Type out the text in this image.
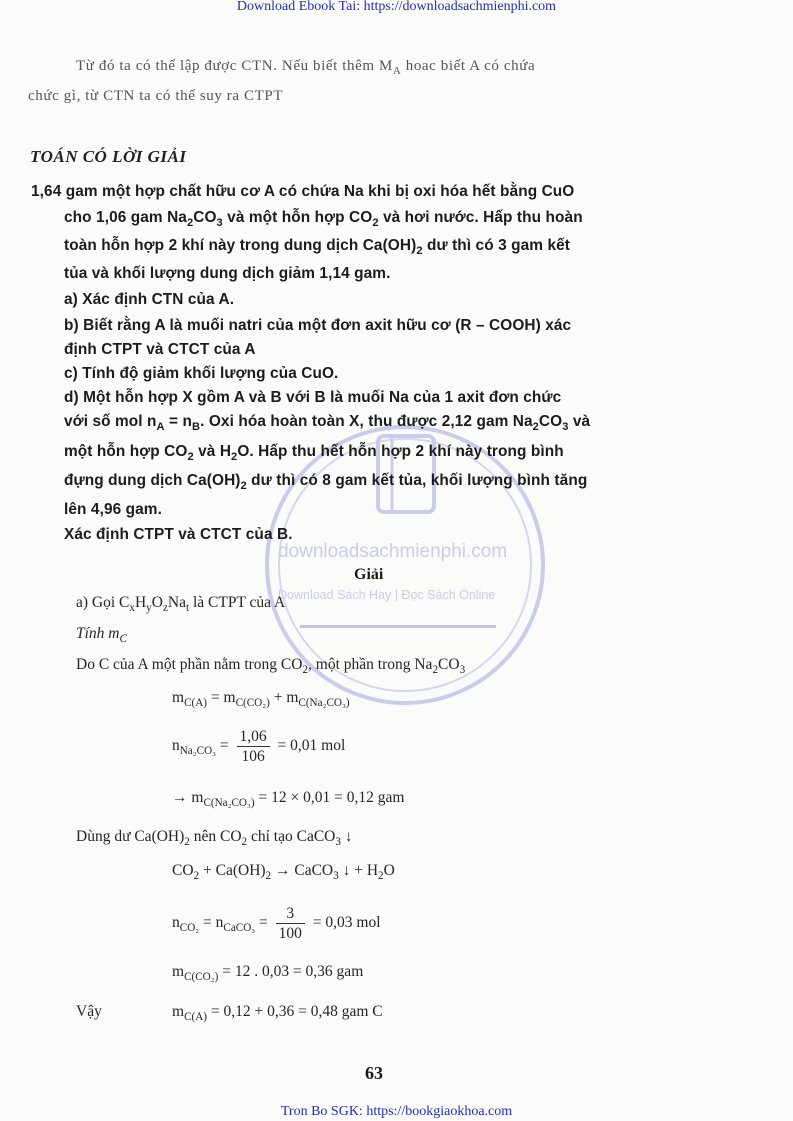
Download Ebook Tai: https://downloadsachmienphi.com
Tron Bo SGK: https://bookgiaokhoa.com
downloadsachmienphi.com
Download Sách Hay | Đọc Sách Online
Từ đó ta có thể lập được CTN. Nếu biết thêm $M_A$ hoac biết A có chứa
chức gì, từ CTN ta có thể suy ra CTPT
TOÁN CÓ LỜI GIẢI
1,64 gam một hợp chất hữu cơ A có chứa Na khi bị oxi hóa hết bằng CuO
cho 1,06 gam $Na_2CO_3$ và một hỗn hợp $CO_2$ và hơi nước. Hấp thu hoàn
toàn hỗn hợp 2 khí này trong dung dịch $Ca(OH)_2$ dư thì có 3 gam kết
tủa và khối lượng dung dịch giảm 1,14 gam.
a) Xác định CTN của A.
b) Biết rằng A là muối natri của một đơn axit hữu cơ (R – COOH) xác
định CTPT và CTCT của A
c) Tính độ giảm khối lượng của CuO.
d) Một hỗn hợp X gồm A và B với B là muối Na của 1 axit đơn chức
với số mol $n_A = n_B$. Oxi hóa hoàn toàn X, thu được 2,12 gam $Na_2CO_3$ và
một hỗn hợp $CO_2$ và $H_2O$. Hấp thu hết hỗn hợp 2 khí này trong bình
đựng dung dịch $Ca(OH)_2$ dư thì có 8 gam kết tủa, khối lượng bình tăng
lên 4,96 gam.
Xác định CTPT và CTCT của B.
Giải
a) Gọi $C_xH_yO_zNa_t$ là CTPT của A
Tính $m_C$
Do C của A một phần nằm trong $CO_2$, một phần trong $Na_2CO_3$
$m_{C(A)} = m_{C(CO_2)} + m_{C(Na_2CO_3)}$
$n_{Na_2CO_3} = \frac{1,06}{106} = 0,01$ mol
→ $m_{C(Na_2CO_3)} = 12 \times 0,01 = 0,12$ gam
Dùng dư $Ca(OH)_2$ nên $CO_2$ chỉ tạo CaCO$_3$ ↓
$CO_2 + Ca(OH)_2$ → CaCO$_3$ ↓ + $H_2O$
$n_{CO_2} = n_{CaCO_3} = \frac{3}{100} = 0,03$ mol
$m_{C(CO_2)} = 12$ . 0,03 = 0,36 gam
Vậy	$m_{C(A)} = 0,12 + 0,36 = 0,48$ gam C
63
